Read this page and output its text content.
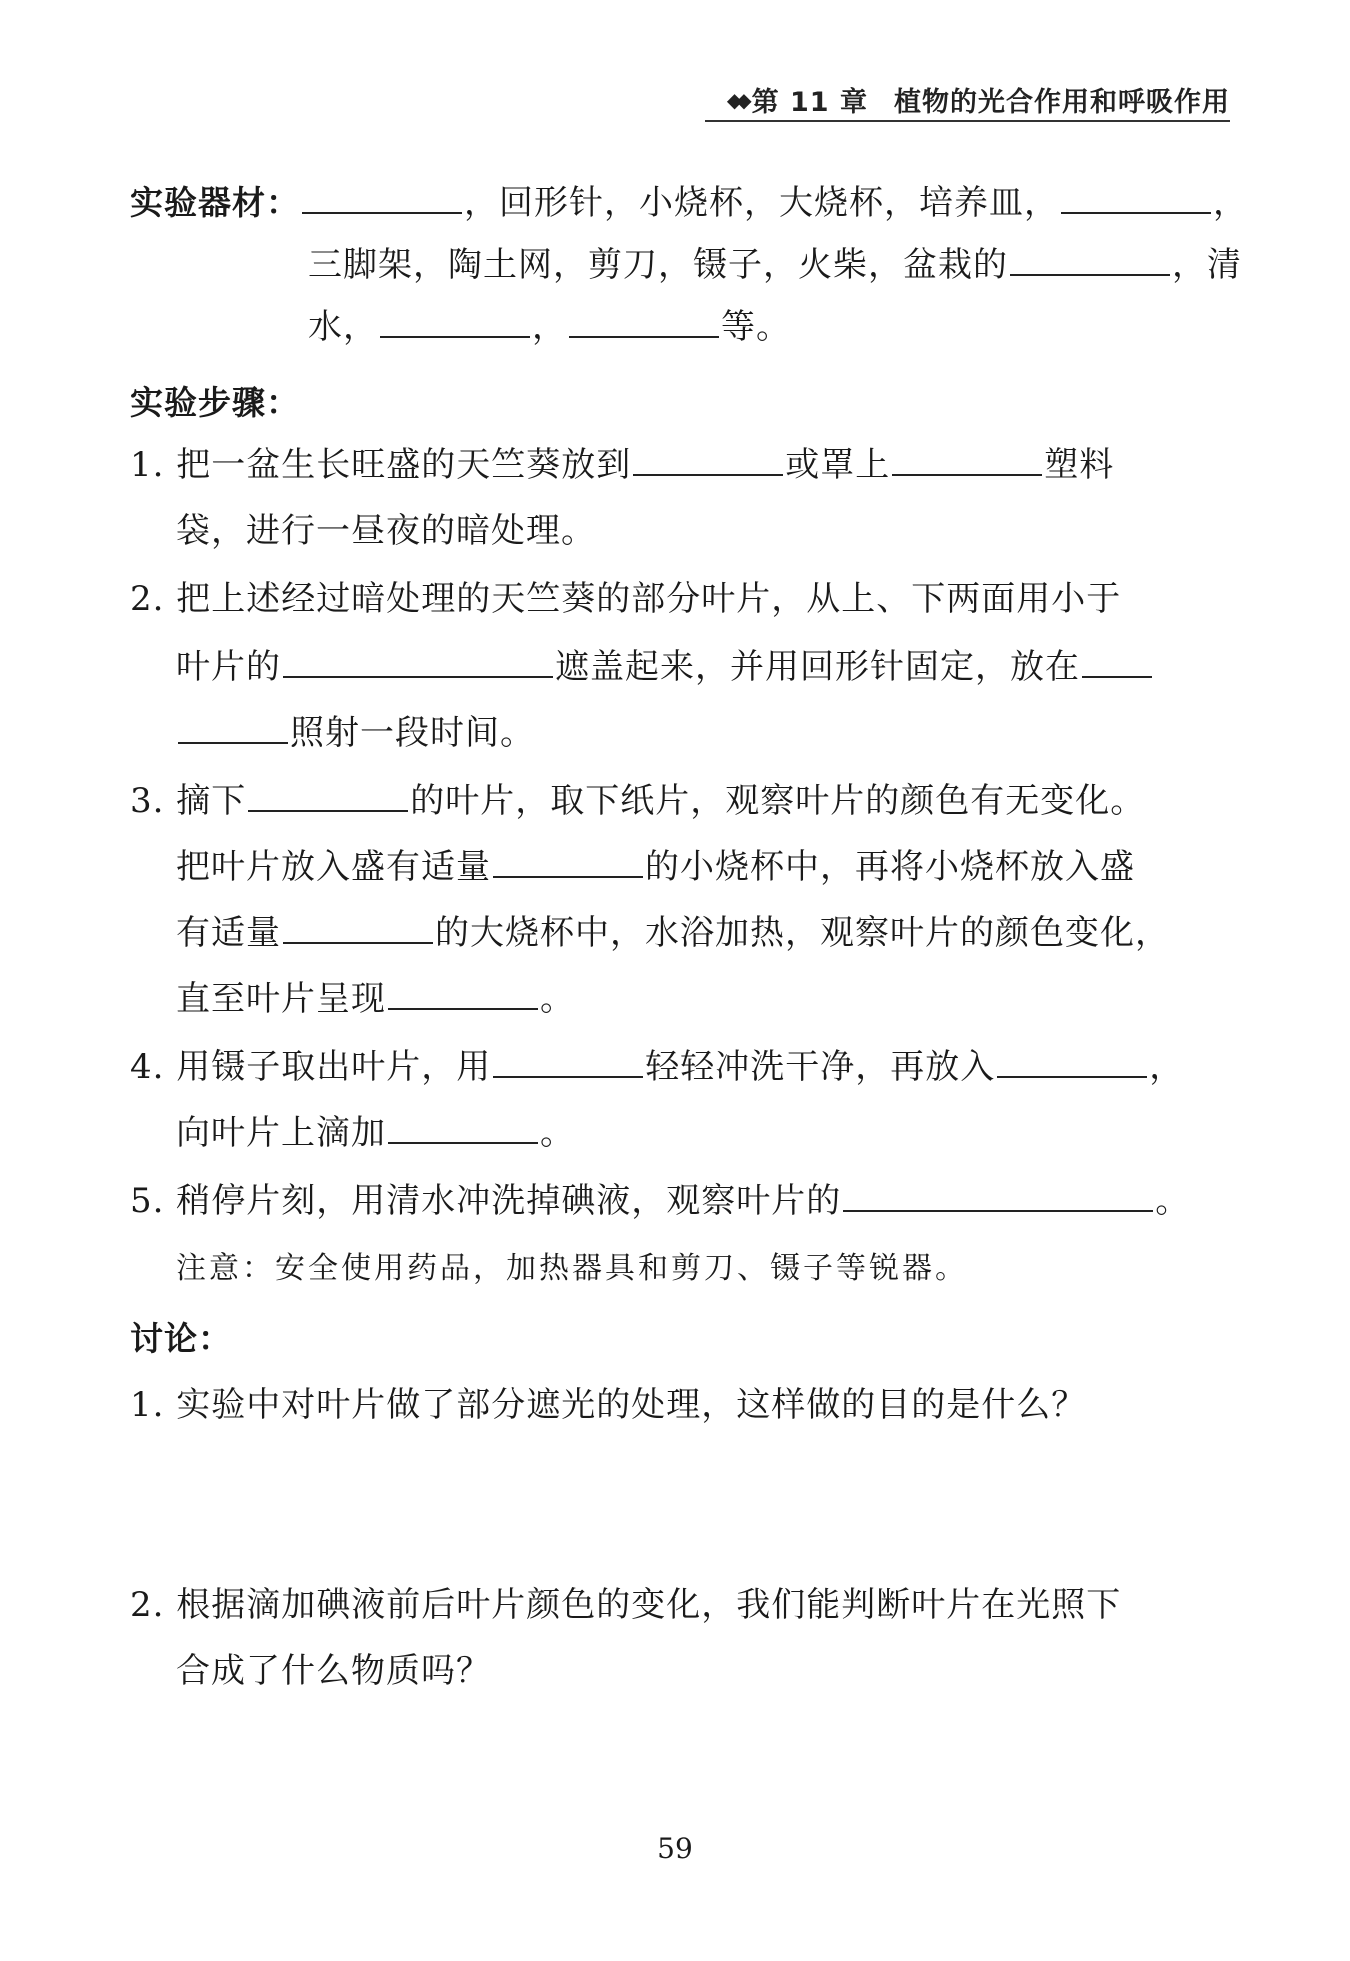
◆◆ 第 11 章 植物的光合作用和呼吸作用
实验器材：	，回形针，小烧杯，大烧杯，培养皿，	，
三脚架，陶土网，剪刀，镊子，火柴，盆栽的	，清
水，	，	等。
实验步骤：
1. 把一盆生长旺盛的天竺葵放到	或罩上	塑料
袋，进行一昼夜的暗处理。
2. 把上述经过暗处理的天竺葵的部分叶片，从上、下两面用小于
叶片的	遮盖起来，并用回形针固定，放在
照射一段时间。
3. 摘下	的叶片，取下纸片，观察叶片的颜色有无变化。
把叶片放入盛有适量	的小烧杯中，再将小烧杯放入盛
有适量	的大烧杯中，水浴加热，观察叶片的颜色变化，
直至叶片呈现	。
4. 用镊子取出叶片，用	轻轻冲洗干净，再放入	，
向叶片上滴加	。
5. 稍停片刻，用清水冲洗掉碘液，观察叶片的	。
注意：安全使用药品，加热器具和剪刀、镊子等锐器。
讨论：
1. 实验中对叶片做了部分遮光的处理，这样做的目的是什么？
2. 根据滴加碘液前后叶片颜色的变化，我们能判断叶片在光照下
合成了什么物质吗？
59
